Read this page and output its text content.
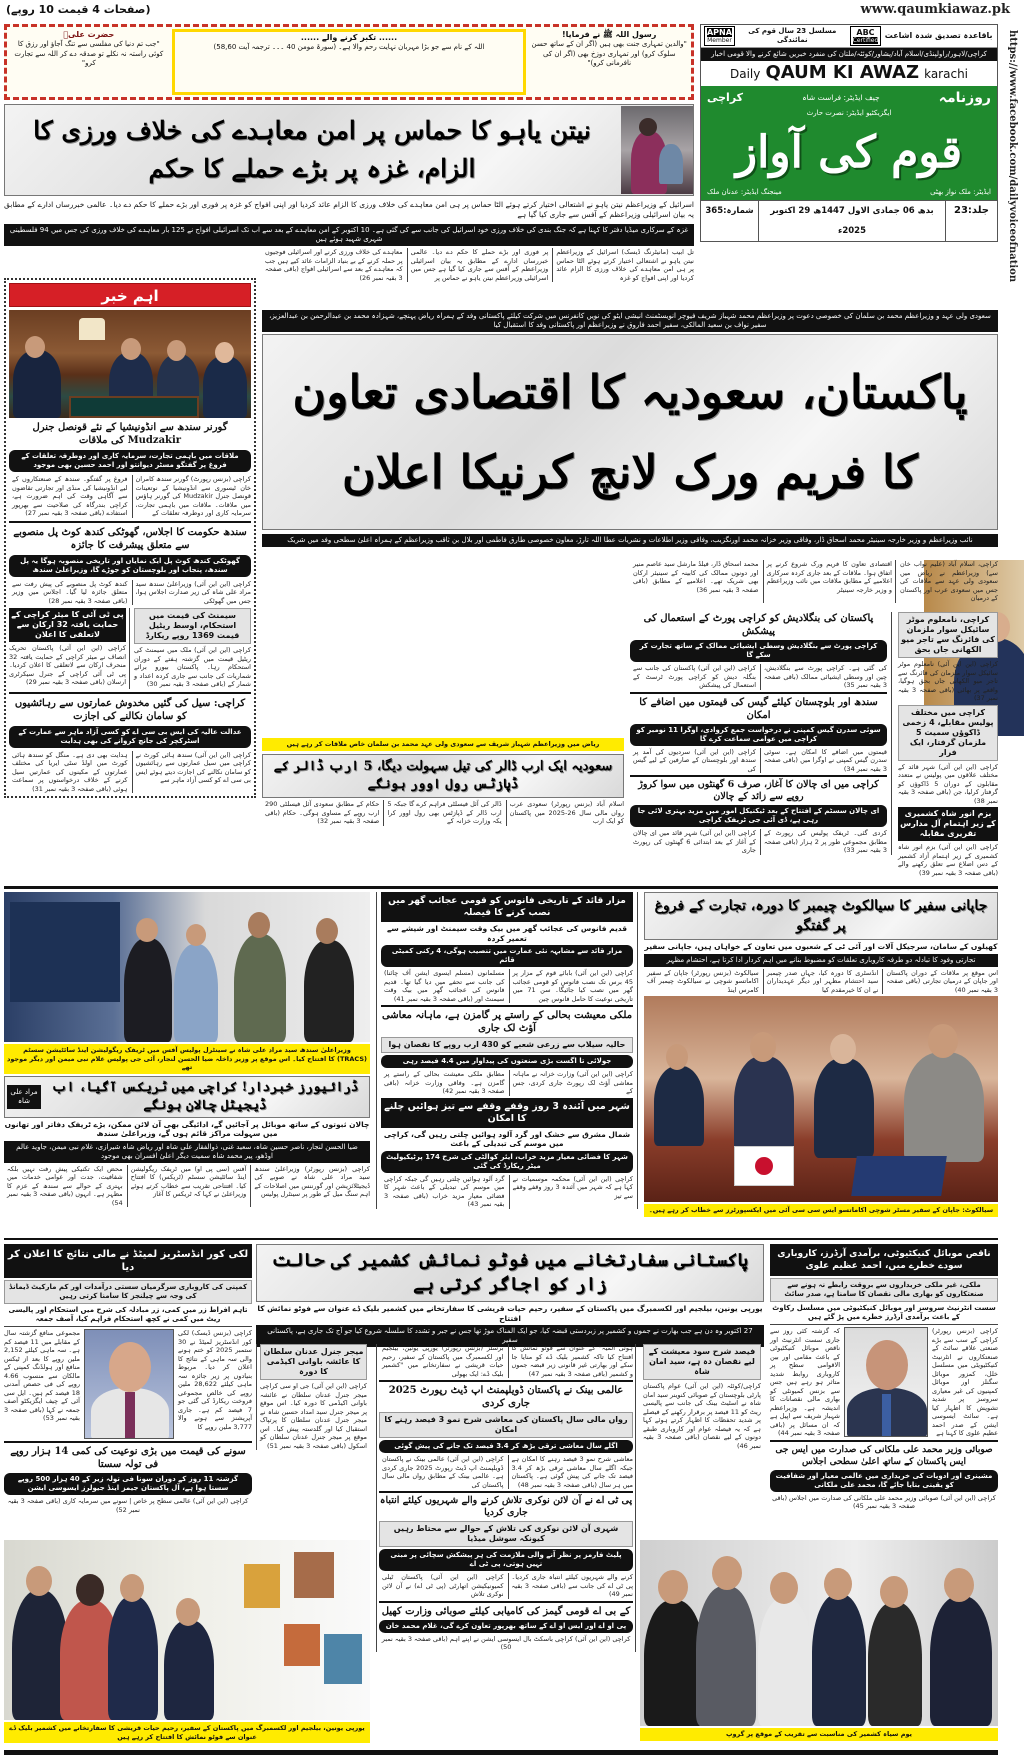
www.qaumkiawaz.pk
(صفحات 4 قیمت 10 روپے)
https://www.facebook.com/dailyvoiceofnation
رسول اللہ ﷺ نے فرمایا!
"والدین تمہاری جنت بھی ہیں (اگر ان کے ساتھ حسن سلوک کرو) اور تمہاری دوزخ بھی (اگر ان کی نافرمانی کرو)"
...... تکبر کرنے والے ......
اللہ کے نام سے جو بڑا مہربان نہایت رحم والا ہے۔ (سورۃ مومن 40 ۔۔۔ ترجمہ آیت 58,60)
حضرت علیؓ
"جب تم دنیا کی مفلسی سے تنگ آجاؤ اور رزق کا کوئی راستہ نہ نکلے تو صدقہ دے کر اللہ سے تجارت کرو"
باقاعدہ تصدیق شدہ اشاعت
ABC
Certified
مسلسل 23 سال قوم کی نمائندگی
APNA
Member
کراچی/لاہور/راولپنڈی/اسلام آباد/پشاور/کوئٹہ/ملتان کی منفرد خبریں شائع کرنے والا قومی اخبار
Daily QAUM KI AWAZ karachi
روزنامہ
چیف ایڈیٹر: فراست شاہ
کراچی
ایگزیکٹیو ایڈیٹر: نصرت حارث
قوم کی آواز
ایڈیٹر: ملک نواز بھٹی
مینجنگ ایڈیٹر: عدنان ملک
جلد:23
بدھ 06 جمادی الاول 1447ھ 29 اکتوبر 2025ء
شمارہ:365
نیتن یاہو کا حماس پر امن معاہدے کی خلاف ورزی کا الزام، غزہ پر بڑے حملے کا حکم
اسرائیل کے وزیراعظم نیتن یاہو نے اشتعالی اختیار کرتے ہوئے الٹا حماس پر ہی امن معاہدے کی خلاف ورزی کا الزام عائد کردیا اور اپنی افواج کو غزہ پر فوری اور بڑے حملے کا حکم دے دیا۔ عالمی خبررساں ادارے کے مطابق یہ بیان اسرائیلی وزیراعظم کے آفس سے جاری کیا گیا ہے
غزہ کے سرکاری میڈیا دفتر کا کہنا ہے کہ جنگ بندی کی خلاف ورزی خود اسرائیل کی جانب سے کی گئی ہے۔ 10 اکتوبر کے امن معاہدے کے بعد سے اب تک اسرائیلی افواج نے 125 بار معاہدے کی خلاف ورزی کی جس میں 94 فلسطینی شہری شہید ہوئے ہیں
تل ابیب (مانیٹرنگ ڈیسک) اسرائیل کے وزیراعظم نیتن یاہو نے اشتعالی اختیار کرتے ہوئے الٹا حماس پر ہی امن معاہدے کی خلاف ورزی کا الزام عائد کردیا اور اپنی افواج کو غزہ
پر فوری اور بڑے حملے کا حکم دے دیا۔ عالمی خبررساں ادارے کے مطابق یہ بیان اسرائیلی وزیراعظم کے آفس سے جاری کیا گیا ہے جس میں اسرائیلی وزیراعظم نیتن یاہو نے حماس پر
معاہدے کی خلاف ورزی کرنے اور اسرائیلی فوجیوں پر حملہ کرنے کے بے بنیاد الزامات عائد کیے ہیں جب کہ معاہدے کے بعد سے اسرائیلی افواج (باقی صفحہ 3 بقیہ نمبر 26)
اہم خبر
گورنر سندھ سے انڈونیشیا کے نئے قونصل جنرل Mudzakir کی ملاقات
ملاقات میں باہمی تجارت، سرمایہ کاری اور دوطرفہ تعلقات کے فروغ پر گفتگو مسٹر دیوانتو اور احمد حسین بھی موجود
کراچی (بزنس رپورٹ) گورنر سندھ کامران خان ٹیسوری سے انڈونیشیا کے نوتعینات قونصل جنرل Mudzakir کی گورنر ہاؤس میں ملاقات۔ ملاقات میں باہمی تجارت، سرمایہ کاری اور دوطرفہ تعلقات کے
فروغ پر گفتگو۔ سندھ کے صنعتکاروں کے لیے انڈونیشیا کی منڈی اور تجارتی تقاضوں سے آگاہی وقت کی اہم ضرورت ہے، کراچی بندرگاہ کی صلاحیت سے بھرپور استفادے (باقی صفحہ 3 بقیہ نمبر 27)
سندھ حکومت کا اجلاس، گھوٹکی کندھ کوٹ پل منصوبے سے متعلق پیشرفت کا جائزہ
گھوٹکی کندھ کوٹ پل ایک نمایاں اور تاریخی منصوبہ ہوگا یہ پل سندھ، پنجاب اور بلوچستان کو جوڑے گا، وزیراعلیٰ سندھ
کراچی (این این آئی) وزیراعلیٰ سندھ سید مراد علی شاہ کی زیر صدارت اجلاس ہوا، جس میں گھوٹکی
کندھ کوٹ پل منصوبے کی پیش رفت سے متعلق جائزہ لیا گیا۔ اجلاس میں وزیر (باقی صفحہ 3 بقیہ نمبر 28)
سیمنٹ کی قیمت میں استحکام، اوسط ریٹیل قیمت 1369 روپے ریکارڈ
کراچی (این این آئی) ملک میں سیمنٹ کی ریٹیل قیمت میں گزشتہ ہفتے کے دوران استحکام رہا۔ پاکستان بیورو برائے شماریات کی جانب سے جاری کردہ اعداد و شمار کے (باقی صفحہ 3 بقیہ نمبر 30)
پی ٹی آئی کا میئر کراچی کے حمایت یافتہ 32 ارکان سے لاتعلقی کا اعلان
کراچی (این این آئی) پاکستان تحریک انصاف نے میئر کراچی کے حمایت یافتہ 32 منحرف ارکان سے لاتعلقی کا اعلان کردیا۔ پی ٹی آئی کراچی کے جنرل سیکرٹری ارسلان (باقی صفحہ 3 بقیہ نمبر 29)
کراچی: سیل کی گئیں مخدوش عمارتوں سے رہائشیوں کو سامان نکالنے کی اجازت
عدالت عالیہ کی ایس بی سی اے کو کسی آزاد ماہر سے عمارت کے اسٹرکچر کی جانچ کروانے کی بھی ہدایت
کراچی (این این آئی) سندھ ہائی کورٹ نے کراچی میں سیل عمارتوں سے رہائشیوں کو سامان نکالنے کی اجازت دیتے ہوئے ایس بی سی اے کو کسی آزاد ماہر سے
ہدایت بھی دی ہے۔ منگل کو سندھ ہائی کورٹ میں اولڈ سٹی ایریا کی مختلف عمارتوں کے مکینوں کی عمارتیں سیل کرنے کے خلاف درخواستوں پر سماعت ہوئی (باقی صفحہ 3 بقیہ نمبر 31)
سعودی ولی عہد و وزیراعظم محمد بن سلمان کی خصوصی دعوت پر وزیراعظم محمد شہباز شریف فیوچر انویسٹمنٹ انیشی ایٹو کی نویں کانفرنس میں شرکت کیلئے پاکستانی وفد کے ہمراہ ریاض پہنچے، شہزادہ محمد بن عبدالرحمن بن عبدالعزیز، سفیر نواف بن سعید المالکی، سفیر احمد فاروق نے وزیراعظم اور پاکستانی وفد کا استقبال کیا
پاکستان، سعودیہ کا اقتصادی تعاون کا فریم ورک لانچ کرنیکا اعلان
نائب وزیراعظم و وزیر خارجہ سینیٹر محمد اسحاق ڈار، وفاقی وزیر خزانہ محمد اورنگزیب، وفاقی وزیر اطلاعات و نشریات عطا اللہ تارڑ، معاون خصوصی طارق فاطمی اور بلال بن ثاقب وزیراعظم کے ہمراہ اعلیٰ سطحی وفد میں شریک
ریاض میں وزیراعظم شہباز شریف سے سعودی ولی عہد محمد بن سلمان خاص ملاقات کر رہے ہیں
سعودیہ ایک ارب ڈالر کی تیل سہولت دیگا، 5 ارب ڈالر کے ڈپازٹس رول اوور ہونگے
اسلام آباد (بزنس رپورٹر) سعودی عرب رواں مالی سال 26-2025 میں پاکستان کو ایک ارب
ڈالر کی آئل فیسلٹی فراہم کرے گا جبکہ 5 ارب ڈالر کے ڈپازٹس بھی رول اوور کرا یکہ وزارت خزانہ کے
حکام کے مطابق سعودی آئل فیسلٹی 290 ارب روپے کے مساوی ہوگی۔ حکام (باقی صفحہ 3 بقیہ نمبر 32)
کراچی، اسلام آباد (علیم نواب خان سے) وزیراعظم نے ریاض میں سعودی ولی عہد سے ملاقات کی جس میں سعودی عرب اور پاکستان کے درمیان
اقتصادی تعاون کا فریم ورک شروع کرنے پر اتفاق ہوا۔ ملاقات کے بعد جاری کردہ سرکاری اعلامیے کے مطابق ملاقات میں نائب وزیراعظم و وزیر خارجہ سینیٹر
محمد اسحاق ڈار، فیلڈ مارشل سید عاصم منیر اور دونوں ممالک کی کابینہ کے سینیئر ارکان بھی شریک تھے۔ اعلامیے کے مطابق (باقی صفحہ 3 بقیہ نمبر 36)
پاکستان کی بنگلادیش کو کراچی پورٹ کے استعمال کی پیشکش
کراچی پورٹ سے بنگلادیش وسطی ایشیائی ممالک کے ساتھ تجارت کر سکے گا
کی گئی ہے۔ کراچی پورٹ سے بنگلادیش، چین اور وسطی ایشیائی ممالک (باقی صفحہ 3 بقیہ نمبر 35)
کراچی (این این آئی) پاکستان کی جانب سے بنگلہ دیش کو کراچی پورٹ ٹرسٹ کے استعمال کی پیشکش
سندھ اور بلوچستان کیلئے گیس کی قیمتوں میں اضافے کا امکان
سوئی سدرن گیس کمپنی نے درخواست جمع کروادی، اوگرا 11 نومبر کو کراچی میں عوامی سماعت کرے گا
قیمتوں میں اضافے کا امکان ہے۔ سوئی سدرن گیس کمپنی نے اوگرا میں (باقی صفحہ 3 بقیہ نمبر 34)
کراچی (این این آئی) سردیوں کی آمد پر سندھ اور بلوچستان کے صارفین کے لیے گیس کی
کراچی میں ای چالان کا آغاز، صرف 6 گھنٹوں میں سوا کروڑ روپے سے زائد کے چالان
ای چالان سسٹم کے افتتاح کے بعد ٹیکنیکل امور میں مزید بہتری لائی جا رہی ہے، ڈی آئی جی ٹریفک کراچی
کردی گئی۔ ٹریفک پولیس کی رپورٹ کے مطابق مجموعی طور پر 2 ہزار (باقی صفحہ 3 بقیہ نمبر 33)
کراچی (این این آئی) شہر قائد میں ای چالان کے آغاز کے بعد ابتدائی 6 گھنٹوں کی رپورٹ جاری
کراچی، نامعلوم موٹر سائیکل سوار ملزمان کی فائرنگ سے تاجر میو الکھانی جاں بحق
کراچی (این این آئی) نامعلوم موٹر سائیکل سوار ملزمان کی فائرنگ سے تاجر میو الکھانی جاں بحق ہوگیا، واقعے پر بھائی (باقی صفحہ 3 بقیہ نمبر 37)
کراچی میں مختلف پولیس مقابلے، 4 زخمی ڈاکوؤں سمیت 5 ملزمان گرفتار، ایک فرار
کراچی (این این آئی) شہر قائد کے مختلف علاقوں میں پولیس نے متعدد مقابلوں کے دوران 5 ڈاکوؤں کو گرفتار کرلیا، جن (باقی صفحہ 3 بقیہ نمبر 38)
بزم انور شاہ کشمیری کے زیر اہتمام آل مدارس تقریری مقابلہ
کراچی (این این آئی) بزم انور شاہ کشمیری کے زیر اہتمام آزاد کشمیر کے دس اضلاع سے تعلق رکھنے والے (باقی صفحہ 3 بقیہ نمبر 39)
وزیراعلیٰ سندھ سید مراد علی شاہ نے سینٹرل پولیس آفس میں ٹریفک ریگولیشن اینڈ سائٹیشن سسٹم (TRACS) کا افتتاح کیا۔ اس موقع پر وزیر داخلہ ضیا الحسن لنجار، آئی جی پولیس غلام نبی میمن اور دیگر موجود تھے
ڈرائیورز خبردار! کراچی میں ٹریکس آگیا، اب ڈیجیٹل چالان ہونگے
مراد علی شاہ
چالان ثبوتوں کے ساتھ موبائل پر آجائیں گے، ادائیگی بھی آن لائن ممکن، بڑے ٹریفک دفاتر اور تھانوں میں سہولت مراکز قائم ہوں گے، وزیراعلیٰ سندھ
ضیا الحسن لنجار، ناصر حسین شاہ، سعید غنی، ذوالفقار علی شاہ اور ریاض شاہ شیرازی، غلام نبی میمن، جاوید عالم اوڈھو، پیر محمد شاہ سمیت دیگر اعلیٰ افسران بھی موجود
کراچی (بزنس رپورٹر) وزیراعلیٰ سندھ سید مراد علی شاہ نے صوبے کی ڈیجیٹلائزیشن اور گورننس میں اصلاحات کے اہم سنگ میل کے طور پر سینٹرل پولیس
آفس (سی پی او) میں ٹریفک ریگولیشن اینڈ سائٹیشن سسٹم (ٹریکس) کا افتتاح کیا۔ افتتاحی تقریب سے خطاب کرتے ہوئے وزیراعلیٰ نے کہا کہ ٹریکس کا آغاز
محض ایک تکنیکی پیش رفت نہیں بلکہ شفافیت، جدت اور عوامی خدمات میں بہتری کے حوالے سے سندھ کے عزم کا مظہر ہے۔ انہوں (باقی صفحہ 3 بقیہ نمبر 54)
مزار قائد کے تاریخی فانوس کو قومی عجائب گھر میں نصب کرنے کا فیصلہ
قدیم فانوس کی عجائب گھر میں بیک وقت سیمنٹ اور شیشے سے تعمیر کردہ
مزار قائد سے مشابہہ نئی عمارت میں تنصیب ہوگی، 4 رکنی کمیٹی قائم
کراچی (این این آئی) بابائے قوم کے مزار پر 45 برس تک نصب فانوس کو قومی عجائب گھر میں نصب کیا جائیگا۔ سن 71 میں تاریخی نوعیت کا حامل فانوس چین
مسلمانوں (مسلم ایسوی ایشن آف چائنا) کی جانب سے تحفے میں دیا گیا تھا۔ قدیم فانوس کی عجائب گھر میں بیک وقت سیمنٹ اور (باقی صفحہ 3 بقیہ نمبر 41)
ملکی معیشت بحالی کے راستے پر گامزن ہے، ماہانہ معاشی آؤٹ لک جاری
حالیہ سیلاب سے زرعی شعبے کو 430 ارب روپے کا نقصان ہوا
جولائی تا اگست بڑی صنعتوں کی پیداوار میں 4.4 فیصد رہی
کراچی (این این آئی) وزارت خزانہ نے ماہانہ معاشی آؤٹ لک رپورٹ جاری کردی، جس کے
مطابق ملکی معیشت بحالی کے راستے پر گامزن ہے۔ وفاقی وزارت خزانہ (باقی صفحہ 3 بقیہ نمبر 42)
شہر میں آئندہ 3 روز وقفے وقفے سے تیز ہوائیں چلنے کا امکان
شمال مشرق سے خشک اور گرد آلود ہوائیں چلتی رہیں گی، کراچی میں موسم کی تبدیلی کے باعث
شہر کا فضائی معیار مزید خراب، ایئر کوالٹی کی شرح 174 پرٹیکیولیٹ میٹر ریکارڈ کی گئی
کراچی (این این آئی) محکمہ موسمیات نے کہا ہے کہ شہر میں آئندہ 3 روز وقفے وقفے سے تیز
گرد آلود ہوائیں چلتی رہیں گی جبکہ کراچی میں موسم کی تبدیلی کے باعث شہر کا فضائی معیار مزید خراب (باقی صفحہ 3 بقیہ نمبر 43)
جاپانی سفیر کا سیالکوٹ چیمبر کا دورہ، تجارت کے فروغ پر گفتگو
کھیلوں کے سامان، سرجیکل آلات اور آئی ٹی کے شعبوں میں تعاون کے خواہاں ہیں، جاپانی سفیر
تجارتی وفود کا تبادلہ دو طرفہ کاروباری تعلقات کو مضبوط بنانے میں اہم کردار ادا کرتا ہے، احتشام مظہر
اس موقع پر ملاقات کے دوران پاکستان اور جاپان کے درمیان تجارتی (باقی صفحہ 3 بقیہ نمبر 40)
انڈسٹری کا دورہ کیا، جہاں صدر چیمبر سید احتشام مظہر اور دیگر عہدیداران نے ان کا خیرمقدم کیا
سیالکوٹ (بزنس رپورٹر) جاپان کے سفیر اکاماتسو شوچی نے سیالکوٹ چیمبر آف کامرس اینڈ
سیالکوٹ: جاپان کے سفیر مسٹر شوچی اکاماتسو ایس سی سی آئی میں ایکسپورٹرز سے خطاب کر رہے ہیں۔
لکی کور انڈسٹریز لمیٹڈ نے مالی نتائج کا اعلان کر دیا
کمپنی کی کاروباری سرگرمیاں سستی درآمدات اور کم مارکیٹ ڈیمانڈ کی وجہ سے چیلنجز کا سامنا کرتی رہیں
تاہم افراط زر میں کمی، زر مبادلہ کی شرح میں استحکام اور پالیسی ریٹ میں کمی نے کچھ استحکام فراہم کیا، آصف جمعہ
کراچی (بزنس ڈیسک) لکی کور انڈسٹریز لمیٹڈ نے 30 ستمبر 2025 کو ختم ہونے والی سہ ماہی کے نتائج کا اعلان کر دیا۔ مربوط بنیادوں پر زیر جائزہ سہ ماہی کیلئے 28,622 ملین روپے کی خالص مجموعی فروخت ریکارڈ کی گئی جو 7 فیصد کم ہے۔ جاری آپریشنز سے ہونے والا 3,777 ملین روپے کا
مجموعی منافع گزشتہ سال کے مقابلے میں 11 فیصد کم ہے۔ سہ ماہی کیلئے 2,152 ملین روپے کا بعد از ٹیکس منافع اور ہولڈنگ کمپنی کے مالکان سے منسوب 4.66 روپے کی فی حصص آمدنی 18 فیصد کم ہیں۔ ایل سی آئی کے چیف ایگزیکٹو آصف جمعہ نے کہا (باقی صفحہ 3 بقیہ نمبر 53)
سونے کی قیمت میں بڑی نوعیت کی کمی 14 ہزار روپے فی تولہ سستا
گزشتہ 11 روز کے دوران سونا فی تولہ زیر کے 40 ہزار 500 روپے سستا ہوا ہے، آل پاکستان جیمز اینڈ جیولرز ایسوسی ایشن
کراچی (این این آئی) عالمی سطح پر خاص | سونے میں سرمایہ کاری (باقی صفحہ 3 بقیہ نمبر 52)
پاکستانی سفارتخانے میں فوٹو نمائش کشمیر کی حالت زار کو اجاگر کرتی ہے
یورپی یونین، بیلجیم اور لکسمبرگ میں پاکستان کے سفیر، رحیم حیات قریشی کا سفارتخانے میں کشمیر بلیک ڈے عنوان سے فوٹو نمائش کا افتتاح
27 اکتوبر وہ دن ہے جب بھارت نے جموں و کشمیر پر زبردستی قبضہ کیا، جو ایک المناک موڑ تھا جس نے جبر و تشدد کا سلسلہ شروع کیا جو آج تک جاری ہے، پاکستانی سفیر
میجر جنرل عدنان سلطان کا عائشہ باوانی اکیڈمی کا دورہ
کراچی (این این آئی) جی او سی کراچی میجر جنرل عدنان سلطان نے عائشہ باوانی اکیڈمی کا دورہ کیا۔ اس موقع پر میجر جنرل سید امداد حسین شاہ نے میجر جنرل عدنان سلطان کا پرتپاک استقبال کیا اور گلدستہ پیش کیا۔ اس موقع پر میجر جنرل عدنان سلطان کو اسکول (باقی صفحہ 3 بقیہ نمبر 51)
ہوئی المیہ" کے عنوان سے فوٹو نمائش کا افتتاح کیا تاکہ کشمیر بلیک ڈے کو منایا جا سکے اور بھارتی غیر قانونی زیر قبضہ جموں و کشمیر (باقی صفحہ 3 بقیہ نمبر 47)
برسلز (بزنس رپورٹر) یورپی یونین، بیلجیم اور لکسمبرگ میں پاکستان کے سفیر، رحیم حیات قریشی نے سفارتخانے میں "کشمیر بلیک ڈے: ایک بھولی
عالمی بینک نے پاکستان ڈویلپمنٹ اپ ڈیٹ رپورٹ 2025 جاری کردی
رواں مالی سال پاکستان کی معاشی شرح نمو 3 فیصد رہنے کا امکان
اگلے سال معاشی ترقی بڑھ کر 3.4 فیصد تک جانے کی پیش گوئی
معاشی شرح نمو 3 فیصد رہنے کا امکان ہے جبکہ اگلے سال معاشی ترقی بڑھ کر 3.4 فیصد تک جانے کی پیش گوئی ہے۔ پاکستان میں ہر سال (باقی صفحہ 3 بقیہ نمبر 48)
کراچی (این این آئی) عالمی بینک نے پاکستان ڈویلپمنٹ اپ ڈیٹ رپورٹ 2025 جاری کردی ہے۔ عالمی بینک کے مطابق رواں مالی سال پاکستان کی
پی ٹی اے نے آن لائن نوکری تلاش کرنے والے شہریوں کیلئے انتباہ جاری کردیا
شہری آن لائن نوکری کی تلاش کے حوالے سے محتاط رہیں کیونکہ سوشل میڈیا
پلیٹ فارمز پر نظر آنے والی ملازمت کی ہر پیشکش سچائی پر مبنی نہیں ہوتی، پی ٹی اے
کرنے والے شہریوں کیلئے انتباہ جاری کردیا۔ پی ٹی اے کی جانب سے (باقی صفحہ 3 بقیہ نمبر 49)
کراچی (این این آئی) پاکستان ٹیلی کمیونیکیشن اتھارٹی (پی ٹی اے) نے آن لائن نوکری تلاش
کے بی اے قومی گیمز کی کامیابی کیلئے صوبائی وزارت کھیل
پی او اے اور ایس او اے کے ساتھ بھرپور تعاون کرے گی، غلام محمد خان
کراچی (این این آئی) کراچی باسکٹ بال ایسوسی ایشن نے اپنے اہم (باقی صفحہ 3 بقیہ نمبر 50)
فیصد شرح سود معیشت کے لیے نقصان دہ ہے، سید امان شاہ
کراچی/کوئٹہ (این این آئی) عوام پاکستان پارٹی بلوچستان کے صوبائی کنوینر سید امان شاہ نے اسٹیٹ بینک کی جانب سے پالیسی ریٹ کو 11 فیصد پر برقرار رکھنے کے فیصلے پر شدید تحفظات کا اظہار کرتے ہوئے کہا ہے کہ یہ فیصلہ عوام اور کاروباری طبقے دونوں کے لیے نقصان (باقی صفحہ 3 بقیہ نمبر 46)
ناقص موبائل کنیکٹیوٹی، برآمدی آرڈرز، کاروباری سودے خطرے میں، احمد عظیم علوی
ملکی، غیر ملکی خریداروں سے بروقت رابطے نہ ہونے سے صنعتکاروں کو بھاری مالی نقصان کا سامنا ہے، صدر سائٹ
سست انٹرنیٹ سروسز اور موبائل کنیکٹیوٹی میں مسلسل رکاوٹ کے باعث برآمدی آرڈرز خطرے میں پڑ گئے ہیں
کراچی (بزنس رپورٹر) کراچی کے سب سے بڑے صنعتی علاقے سائٹ کے صنعتکاروں نے انٹرنیٹ کنیکٹیویٹی میں مسلسل خلل، کمزور موبائل سگنلز اور موبائل کمپنیوں کی غیر معیاری سروسز پر شدید تشویش کا اظہار کیا ہے۔ سائٹ ایسوسی ایشن کے صدر احمد عظیم علوی کا کہنا ہے
کہ گزشتہ کئی روز سے جاری سست انٹرنیٹ اور ناقص موبائل کنیکٹیوٹی کے باعث مقامی اور بین الاقوامی سطح پر کاروباری روابط شدید متاثر ہو رہے ہیں جس سے بزنس کمیونٹی کو بھاری مالی نقصانات کا اندیشہ ہے۔ وزیراعظم شہباز شریف سے اپیل ہے کہ ان مسائل پر (باقی صفحہ 3 بقیہ نمبر 44)
صوبائی وزیر محمد علی ملکانی کی صدارت میں ایس جی ایس پاکستان کے ساتھ اعلیٰ سطحی اجلاس
مشینری اور ادویات کی خریداری میں عالمی معیار اور شفافیت کو یقینی بنایا جائے گا، محمد علی ملکانی
کراچی (این این آئی) صوبائی وزیر محمد علی ملکانی کی صدارت میں اجلاس (باقی صفحہ 3 بقیہ نمبر 45)
یورپی یونین، بیلجیم اور لکسمبرگ میں پاکستان کے سفیر، رحیم حیات قریشی کا سفارتخانے میں کشمیر بلیک ڈے عنوان سے فوٹو نمائش کا افتتاح کر رہے ہیں	یوم سیاہ کشمیر کی مناسبت سے تقریب کے موقع پر گروپ
